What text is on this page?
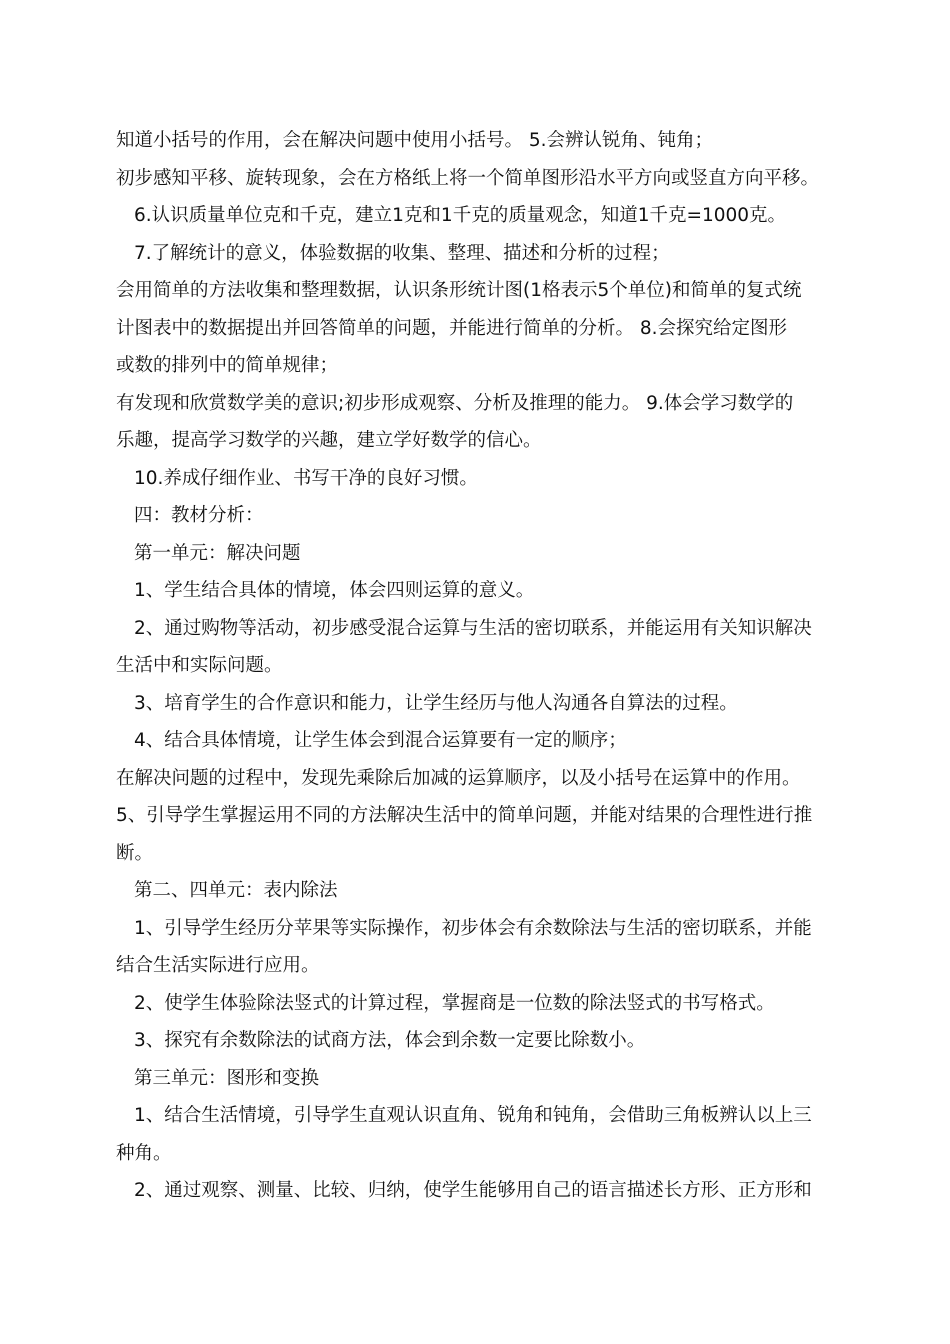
知道小括号的作用，会在解决问题中使用小括号。 5.会辨认锐角、钝角；
初步感知平移、旋转现象，会在方格纸上将一个简单图形沿水平方向或竖直方向平移。
6.认识质量单位克和千克，建立1克和1千克的质量观念，知道1千克=1000克。
7.了解统计的意义，体验数据的收集、整理、描述和分析的过程；
会用简单的方法收集和整理数据，认识条形统计图(1格表示5个单位)和简单的复式统
计图表中的数据提出并回答简单的问题，并能进行简单的分析。 8.会探究给定图形
或数的排列中的简单规律；
有发现和欣赏数学美的意识;初步形成观察、分析及推理的能力。 9.体会学习数学的
乐趣，提高学习数学的兴趣，建立学好数学的信心。
10.养成仔细作业、书写干净的良好习惯。
四：教材分析：
第一单元：解决问题
1、学生结合具体的情境，体会四则运算的意义。
2、通过购物等活动，初步感受混合运算与生活的密切联系，并能运用有关知识解决
生活中和实际问题。
3、培育学生的合作意识和能力，让学生经历与他人沟通各自算法的过程。
4、结合具体情境，让学生体会到混合运算要有一定的顺序；
在解决问题的过程中，发现先乘除后加减的运算顺序，以及小括号在运算中的作用。
5、引导学生掌握运用不同的方法解决生活中的简单问题，并能对结果的合理性进行推
断。
第二、四单元：表内除法
1、引导学生经历分苹果等实际操作，初步体会有余数除法与生活的密切联系，并能
结合生活实际进行应用。
2、使学生体验除法竖式的计算过程，掌握商是一位数的除法竖式的书写格式。
3、探究有余数除法的试商方法，体会到余数一定要比除数小。
第三单元：图形和变换
1、结合生活情境，引导学生直观认识直角、锐角和钝角，会借助三角板辨认以上三
种角。
2、通过观察、测量、比较、归纳，使学生能够用自己的语言描述长方形、正方形和
